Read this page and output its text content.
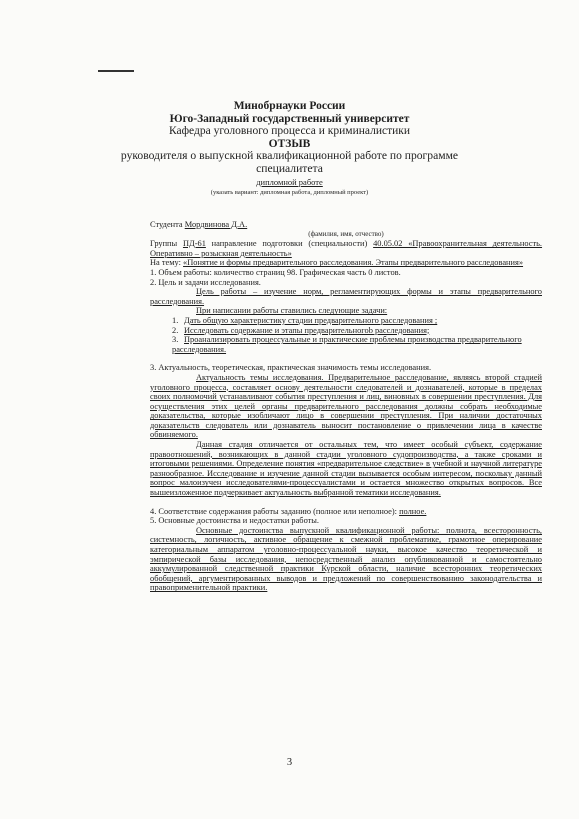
Минобрнауки России
Юго-Западный государственный университет
Кафедра уголовного процесса и криминалистики
ОТЗЫВ
руководителя о выпускной квалификационной работе по программе
специалитета
дипломной работе
(указать вариант: дипломная работа, дипломный проект)

Студента Мордвинова Д.А.

(фамилия, имя, отчество)

Группы ПД-61 направление подготовки (специальности) 40.05.02 «Правоохранительная деятельность. Оперативно – розыскная деятельность»

На тему: «Понятие и формы предварительного расследования. Этапы предварительного расследования»

1. Объем работы: количество страниц 98. Графическая часть 0 листов.

2. Цель и задачи исследования.

Цель работы – изучение норм, регламентирующих формы и этапы предварительного расследования.

При написании работы ставились следующие задачи:

1. Дать общую характеристику стадии предварительного расследования ;

2. Исследовать содержание и этапы предварительногоb расследования;

3. Проанализировать процессуальные и практические проблемы производства предварительного расследования.

3. Актуальность, теоретическая, практическая значимость темы исследования.

Актуальность темы исследования. Предварительное расследование, являясь второй стадией уголовного процесса, составляет основу деятельности следователей и дознавателей, которые в пределах своих полномочий устанавливают события преступления и лиц, виновных в совершении преступления. Для осуществления этих целей органы предварительного расследования должны собрать необходимые доказательства, которые изобличают лицо в совершении преступления. При наличии достаточных доказательств следователь или дознаватель выносит постановление о привлечении лица в качестве обвиняемого.

Данная стадия отличается от остальных тем, что имеет особый субъект, содержание правоотношений, возникающих в данной стадии уголовного судопроизводства, а также сроками и итоговыми решениями. Определение понятия «предварительное следствие» в учебной и научной литературе разнообразное. Исследование и изучение данной стадии вызывается особым интересом, поскольку данный вопрос малоизучен исследователями-процессуалистами и остается множество открытых вопросов. Все вышеизложенное подчеркивает актуальность выбранной тематики исследования.

4. Соответствие содержания работы заданию (полное или неполное): полное.

5. Основные достоинства и недостатки работы.

Основные достоинства выпускной квалификационной работы: полнота, всесторонность, системность, логичность, активное обращение к смежной проблематике, грамотное оперирование категориальным аппаратом уголовно-процессуальной науки, высокое качество теоретической и эмпирической базы исследования, непосредственный анализ опубликованной и самостоятельно аккумулированной следственной практики Курской области, наличие всесторонних теоретических обобщений, аргументированных выводов и предложений по совершенствованию законодательства и правоприменительной практики.

3
